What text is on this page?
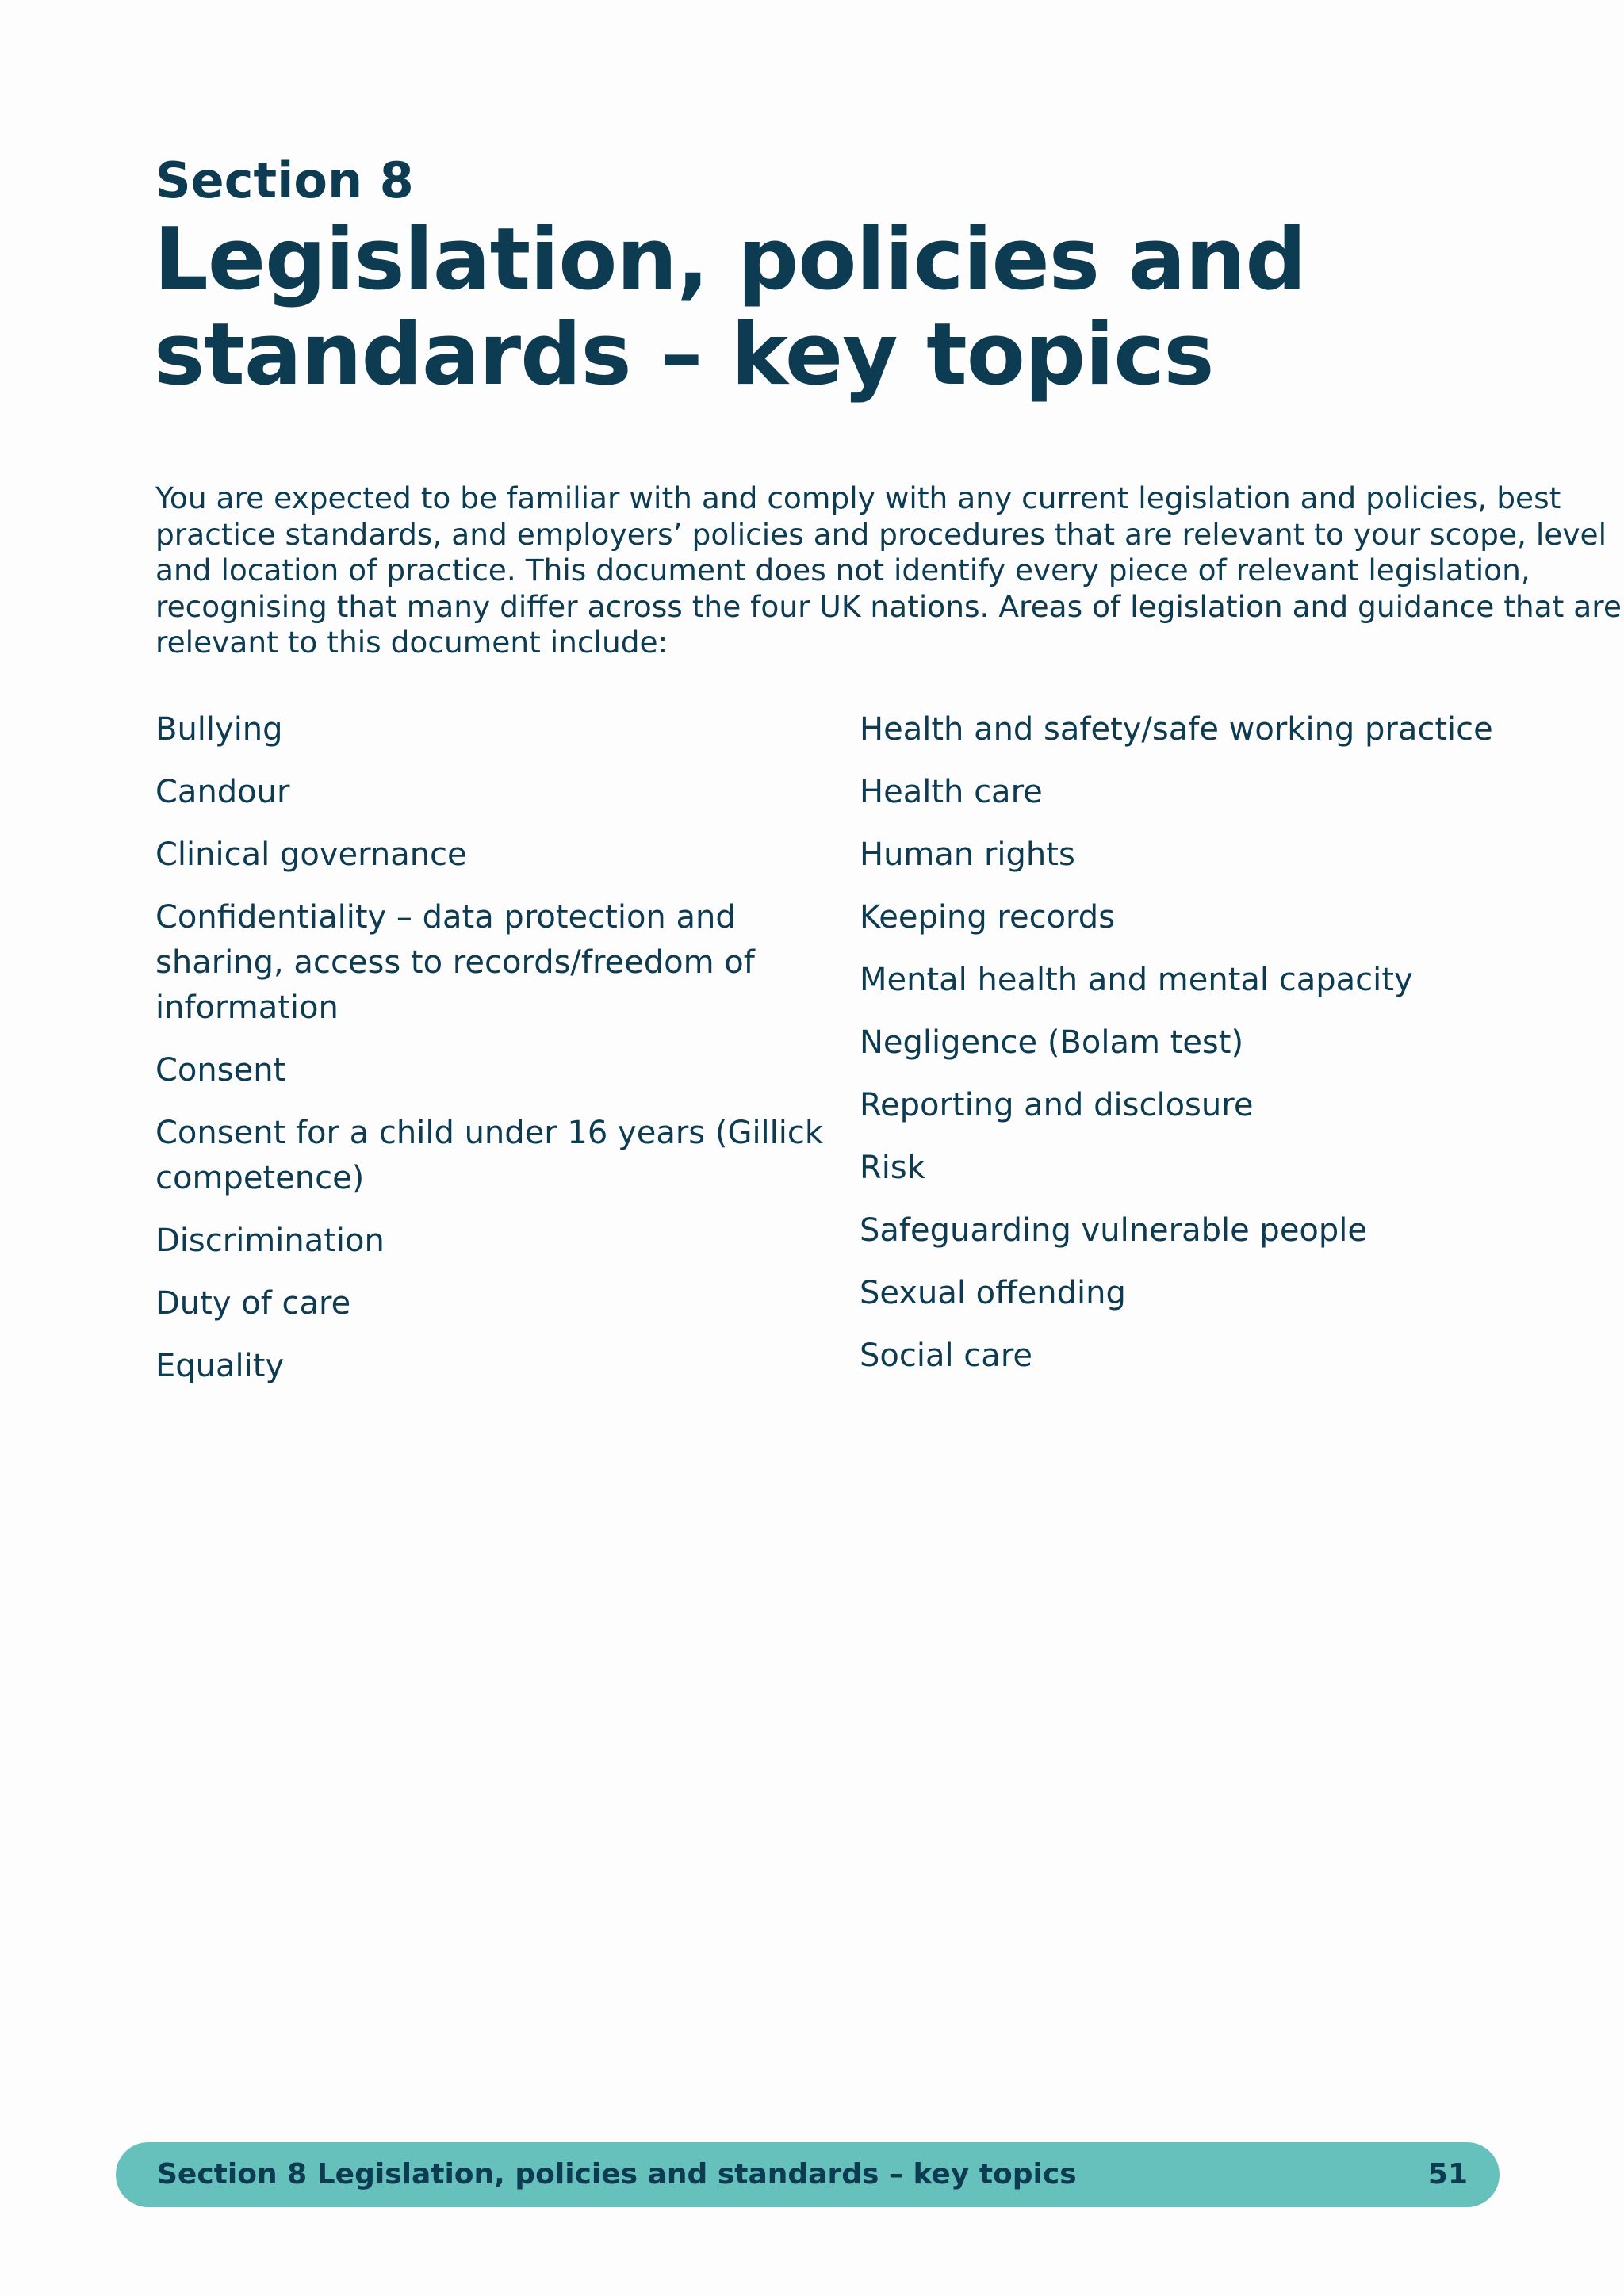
Section 8
Legislation, policies and
standards – key topics

You are expected to be familiar with and comply with any current legislation and policies, best
practice standards, and employers’ policies and procedures that are relevant to your scope, level
and location of practice. This document does not identify every piece of relevant legislation,
recognising that many differ across the four UK nations. Areas of legislation and guidance that are
relevant to this document include:

Bullying
Candour
Clinical governance
Confidentiality – data protection and
sharing, access to records/freedom of
information
Consent
Consent for a child under 16 years (Gillick
competence)
Discrimination
Duty of care
Equality
Health and safety/safe working practice
Health care
Human rights
Keeping records
Mental health and mental capacity
Negligence (Bolam test)
Reporting and disclosure
Risk
Safeguarding vulnerable people
Sexual offending
Social care
Section 8 Legislation, policies and standards – key topics	51
